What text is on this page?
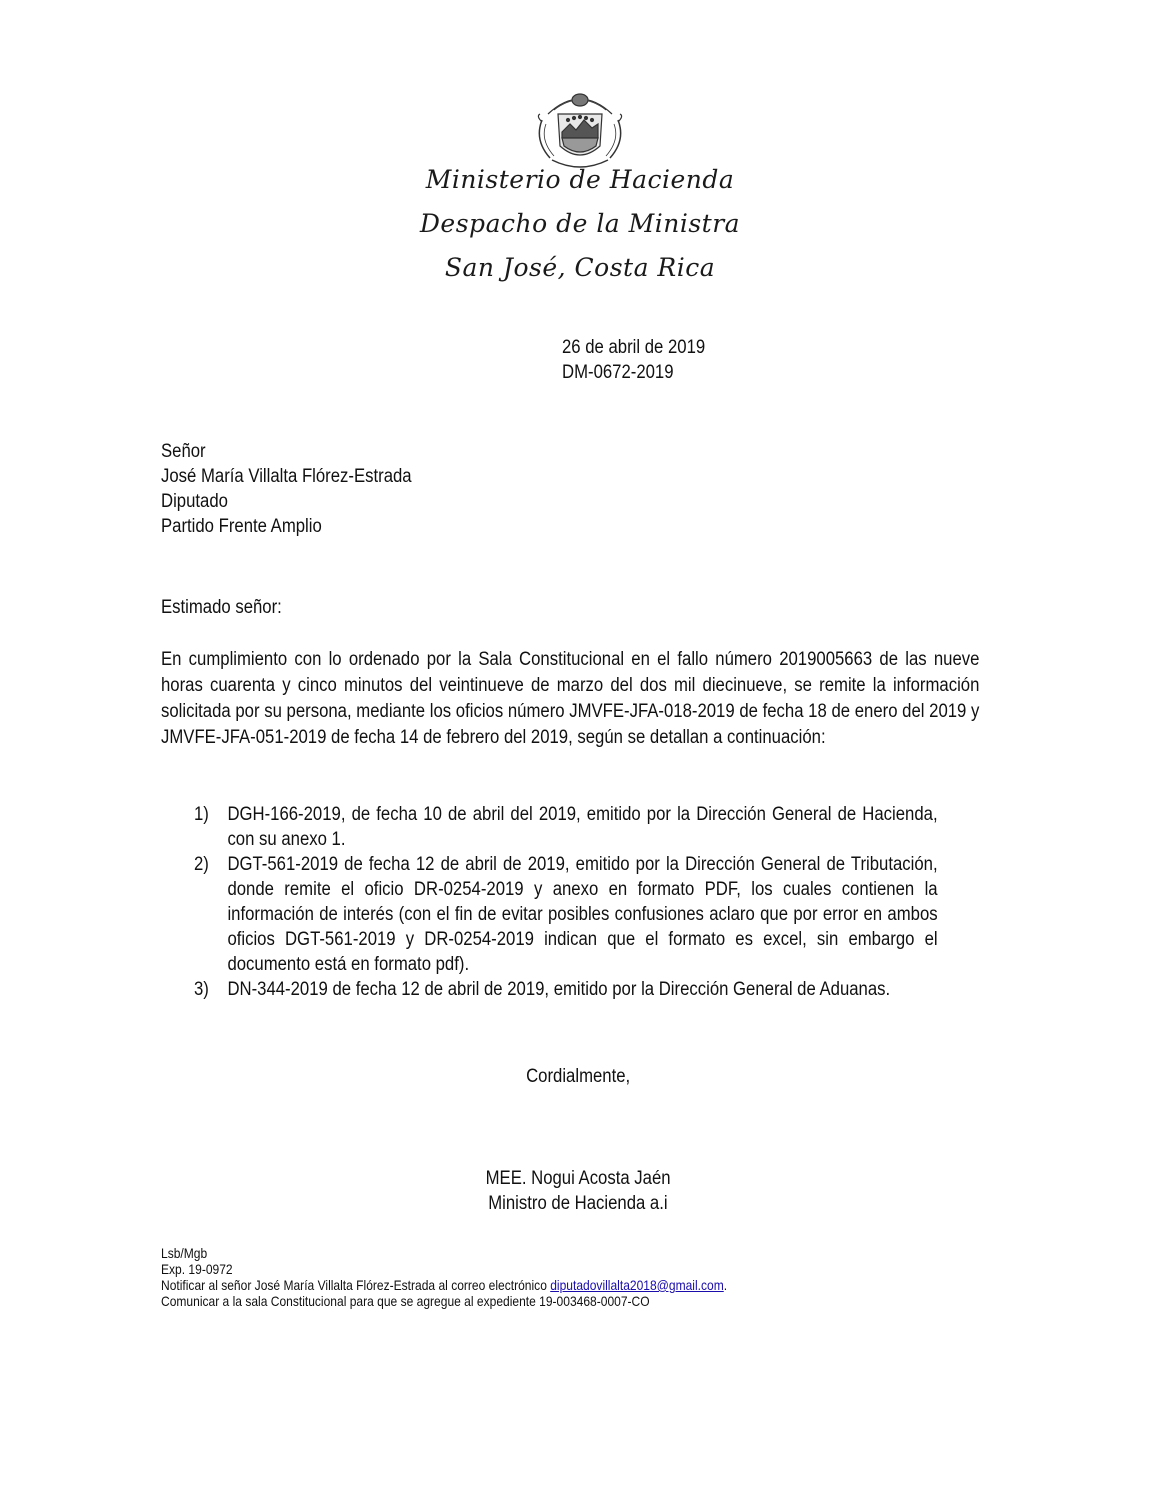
Ministerio de Hacienda
Despacho de la Ministra
San José, Costa Rica
26 de abril de 2019
DM-0672-2019
Señor
José María Villalta Flórez-Estrada
Diputado
Partido Frente Amplio
Estimado señor:
En cumplimiento con lo ordenado por la Sala Constitucional en el fallo número 2019005663 de las nueve horas cuarenta y cinco minutos del veintinueve de marzo del dos mil diecinueve, se remite la información solicitada por su persona, mediante los oficios número JMVFE-JFA-018-2019 de fecha 18 de enero del 2019 y JMVFE-JFA-051-2019 de fecha 14 de febrero del 2019, según se detallan a continuación:
1) DGH-166-2019, de fecha 10 de abril del 2019, emitido por la Dirección General de Hacienda, con su anexo 1.
2) DGT-561-2019 de fecha 12 de abril de 2019, emitido por la Dirección General de Tributación, donde remite el oficio DR-0254-2019 y anexo en formato PDF, los cuales contienen la información de interés (con el fin de evitar posibles confusiones aclaro que por error en ambos oficios DGT-561-2019 y DR-0254-2019 indican que el formato es excel, sin embargo el documento está en formato pdf).
3) DN-344-2019 de fecha 12 de abril de 2019, emitido por la Dirección General de Aduanas.
Cordialmente,
MEE. Nogui Acosta Jaén
Ministro de Hacienda a.i
Lsb/Mgb
Exp. 19-0972
Notificar al señor José María Villalta Flórez-Estrada al correo electrónico diputadovillalta2018@gmail.com.
Comunicar a la sala Constitucional para que se agregue al expediente 19-003468-0007-CO
